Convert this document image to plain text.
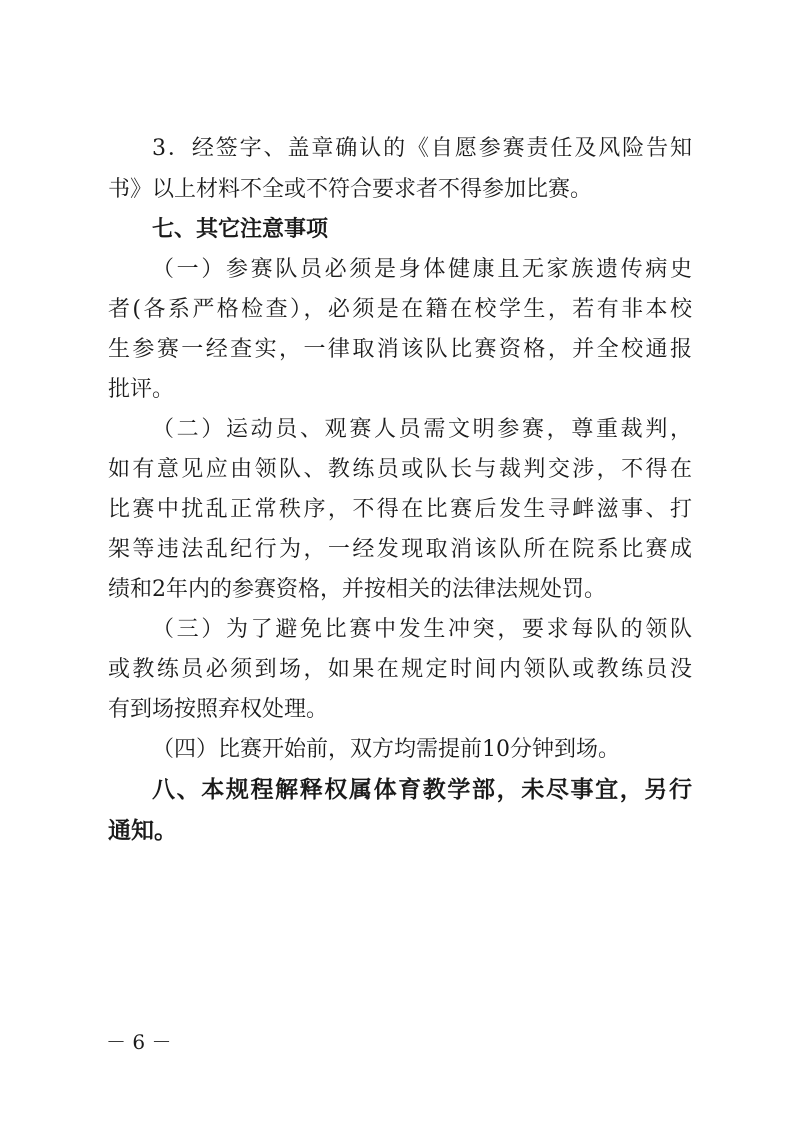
3．经签字、盖章确认的《自愿参赛责任及风险告知

书》以上材料不全或不符合要求者不得参加比赛。

七、其它注意事项

（一）参赛队员必须是身体健康且无家族遗传病史

者(各系严格检查），必须是在籍在校学生，若有非本校

生参赛一经查实，一律取消该队比赛资格，并全校通报

批评。

（二）运动员、观赛人员需文明参赛，尊重裁判，

如有意见应由领队、教练员或队长与裁判交涉，不得在

比赛中扰乱正常秩序，不得在比赛后发生寻衅滋事、打

架等违法乱纪行为，一经发现取消该队所在院系比赛成

绩和2年内的参赛资格，并按相关的法律法规处罚。

（三）为了避免比赛中发生冲突，要求每队的领队

或教练员必须到场，如果在规定时间内领队或教练员没

有到场按照弃权处理。

（四）比赛开始前，双方均需提前10分钟到场。

八、本规程解释权属体育教学部，未尽事宜，另行

通知。

－ 6 －
